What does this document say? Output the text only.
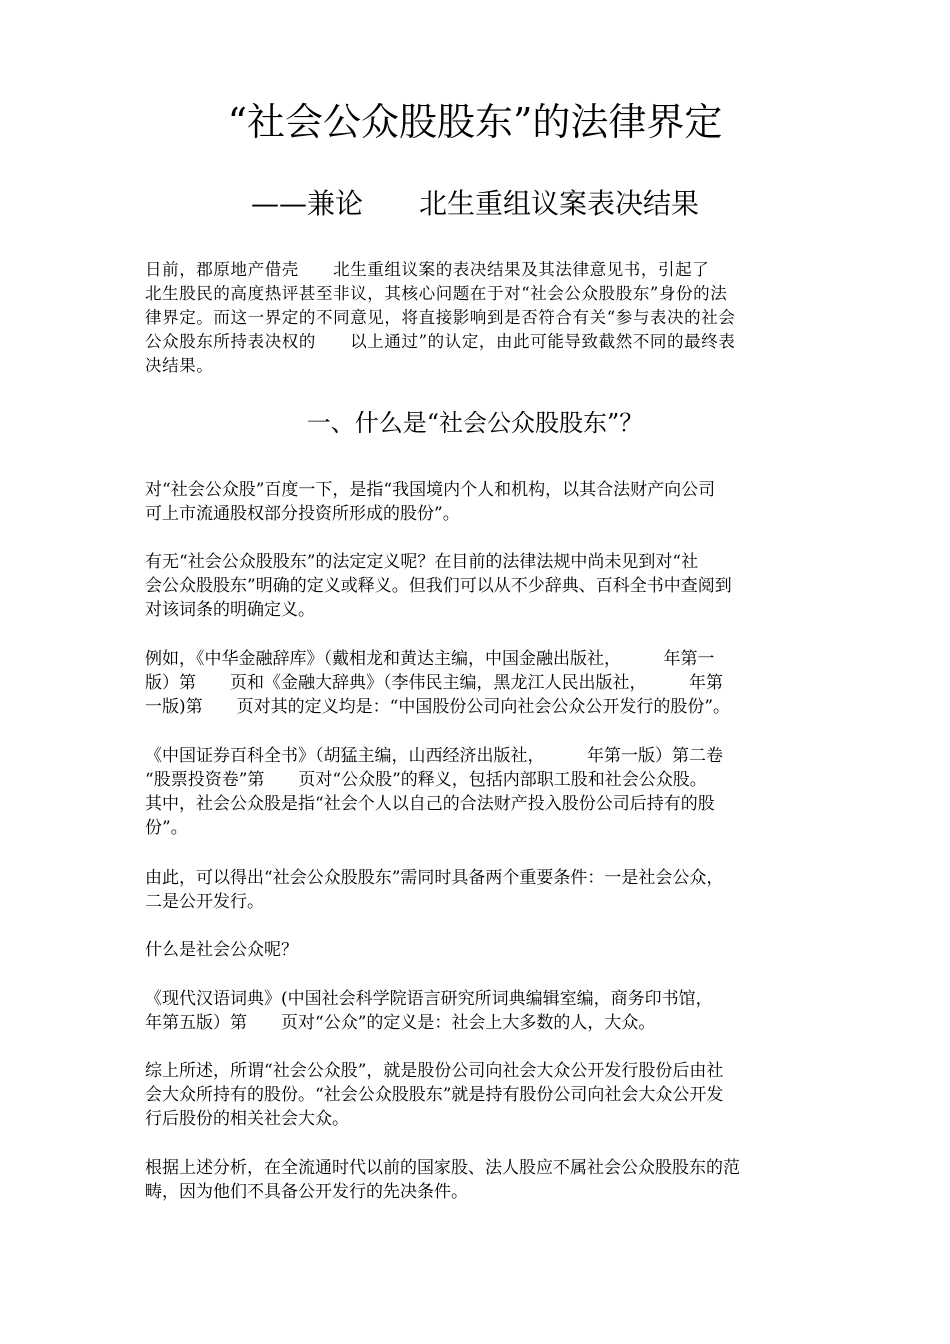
“社会公众股股东”的法律界定
——兼论　　北生重组议案表决结果
日前，郡原地产借壳　　北生重组议案的表决结果及其法律意见书，引起了
北生股民的高度热评甚至非议，其核心问题在于对“社会公众股股东”身份的法
律界定。而这一界定的不同意见，将直接影响到是否符合有关“参与表决的社会
公众股东所持表决权的　　以上通过”的认定，由此可能导致截然不同的最终表
决结果。
一、什么是“社会公众股股东”？
对“社会公众股”百度一下，是指“我国境内个人和机构，以其合法财产向公司
可上市流通股权部分投资所形成的股份”。
有无“社会公众股股东”的法定定义呢？在目前的法律法规中尚未见到对“社
会公众股股东”明确的定义或释义。但我们可以从不少辞典、百科全书中查阅到
对该词条的明确定义。
例如，《中华金融辞库》（戴相龙和黄达主编，中国金融出版社，　　　年第一
版）第　　页和《金融大辞典》（李伟民主编，黑龙江人民出版社，　　　年第
一版)第　　页对其的定义均是：“中国股份公司向社会公众公开发行的股份”。
《中国证券百科全书》（胡猛主编，山西经济出版社，　　　年第一版）第二卷
“股票投资卷”第　　页对“公众股”的释义，包括内部职工股和社会公众股。
其中，社会公众股是指“社会个人以自己的合法财产投入股份公司后持有的股
份”。
由此，可以得出“社会公众股股东”需同时具备两个重要条件：一是社会公众，
二是公开发行。
什么是社会公众呢？
《现代汉语词典》(中国社会科学院语言研究所词典编辑室编，商务印书馆，
年第五版）第　　页对“公众”的定义是：社会上大多数的人，大众。
综上所述，所谓“社会公众股”，就是股份公司向社会大众公开发行股份后由社
会大众所持有的股份。“社会公众股股东”就是持有股份公司向社会大众公开发
行后股份的相关社会大众。
根据上述分析，在全流通时代以前的国家股、法人股应不属社会公众股股东的范
畴，因为他们不具备公开发行的先决条件。
